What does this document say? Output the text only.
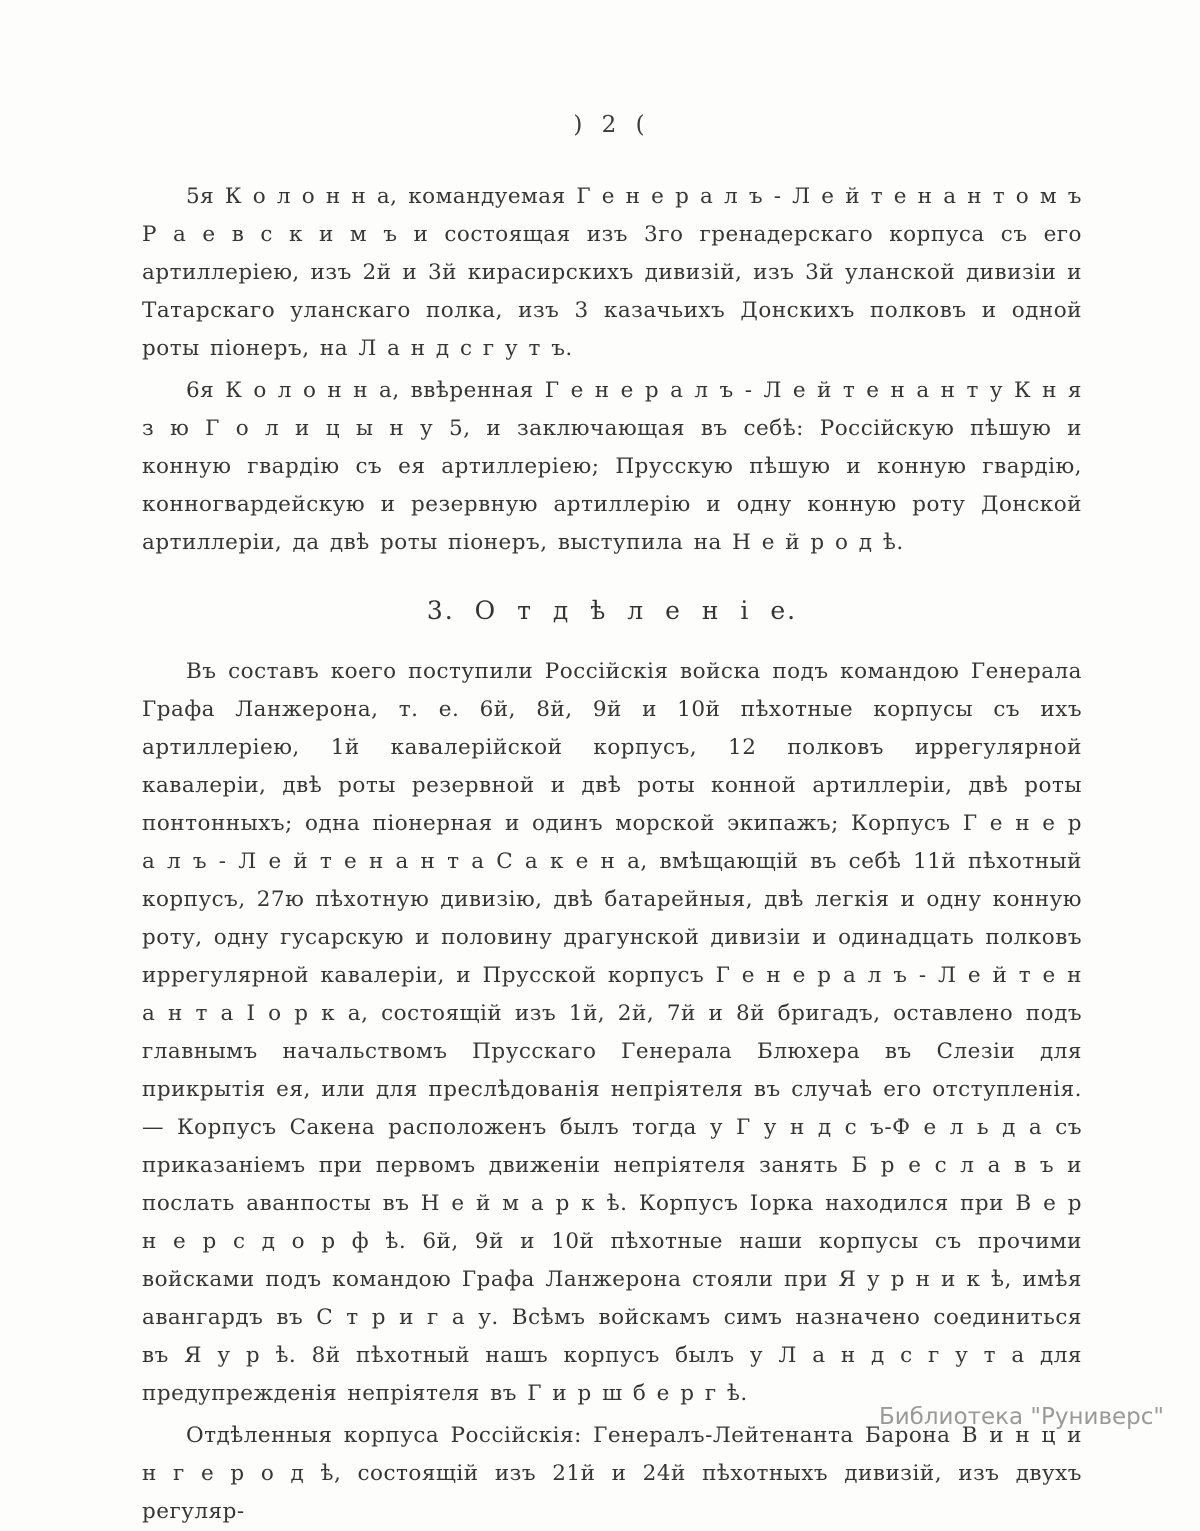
) 2 (

5я К о л о н н а, командуемая Г е н е р а л ъ - Л е й т е н а н т о м ъ Р а е в с к и м ъ и состоящая изъ 3го гренадерскаго корпуса съ его артиллеріею, изъ 2й и 3й кирасирскихъ дивизій, изъ 3й уланской дивизіи и Татарскаго уланскаго полка, изъ 3 казачьихъ Донскихъ полковъ и одной роты піонеръ, на Л а н д с г у т ъ.

6я К о л о н н а, ввѣренная Г е н е р а л ъ - Л е й т е н а н т у К н я з ю Г о л и ц ы н у 5, и заключающая въ себѣ: Россійскую пѣшую и конную гвардію съ ея артиллеріею; Прусскую пѣшую и конную гвардію, конногвардейскую и резервную артиллерію и одну конную роту Донской артиллеріи, да двѣ роты піонеръ, выступила на Н е й р о д ѣ.

3. О т д ѣ л е н і е.

Въ составъ коего поступили Россійскія войска подъ командою Генерала Графа Ланжерона, т. е. 6й, 8й, 9й и 10й пѣхотные корпусы съ ихъ артиллеріею, 1й кавалерійской корпусъ, 12 полковъ иррегулярной кавалеріи, двѣ роты резервной и двѣ роты конной артиллеріи, двѣ роты понтонныхъ; одна піонерная и одинъ морской экипажъ; Корпусъ Г е н е р а л ъ - Л е й т е н а н т а С а к е н а, вмѣщающій въ себѣ 11й пѣхотный корпусъ, 27ю пѣхотную дивизію, двѣ батарейныя, двѣ легкія и одну конную роту, одну гусарскую и половину драгунской дивизіи и одинадцать полковъ иррегулярной кавалеріи, и Прусской корпусъ Г е н е р а л ъ - Л е й т е н а н т а І о р к а, состоящій изъ 1й, 2й, 7й и 8й бригадъ, оставлено подъ главнымъ начальствомъ Прусскаго Генерала Блюхера въ Слезіи для прикрытія ея, или для преслѣдованія непріятеля въ случаѣ его отступленія. — Корпусъ Сакена расположенъ былъ тогда у Г у н д с ъ-Ф е л ь д а съ приказаніемъ при первомъ движеніи непріятеля занять Б р е с л а в ъ и послать аванпосты въ Н е й м а р к ѣ. Корпусъ Іорка находился при В е р н е р с д о р ф ѣ. 6й, 9й и 10й пѣхотные наши корпусы съ прочими войсками подъ командою Графа Ланжерона стояли при Я у р н и к ѣ, имѣя авангардъ въ С т р и г а у. Всѣмъ войскамъ симъ назначено соединиться въ Я у р ѣ. 8й пѣхотный нашъ корпусъ былъ у Л а н д с г у т а для предупрежденія непріятеля въ Г и р ш б е р г ѣ.

Отдѣленныя корпуса Россійскія: Генералъ-Лейтенанта Барона В и н ц и н г е р о д ѣ, состоящій изъ 21й и 24й пѣхотныхъ дивизій, изъ двухъ регуляр-

Библиотека "Руниверс"
